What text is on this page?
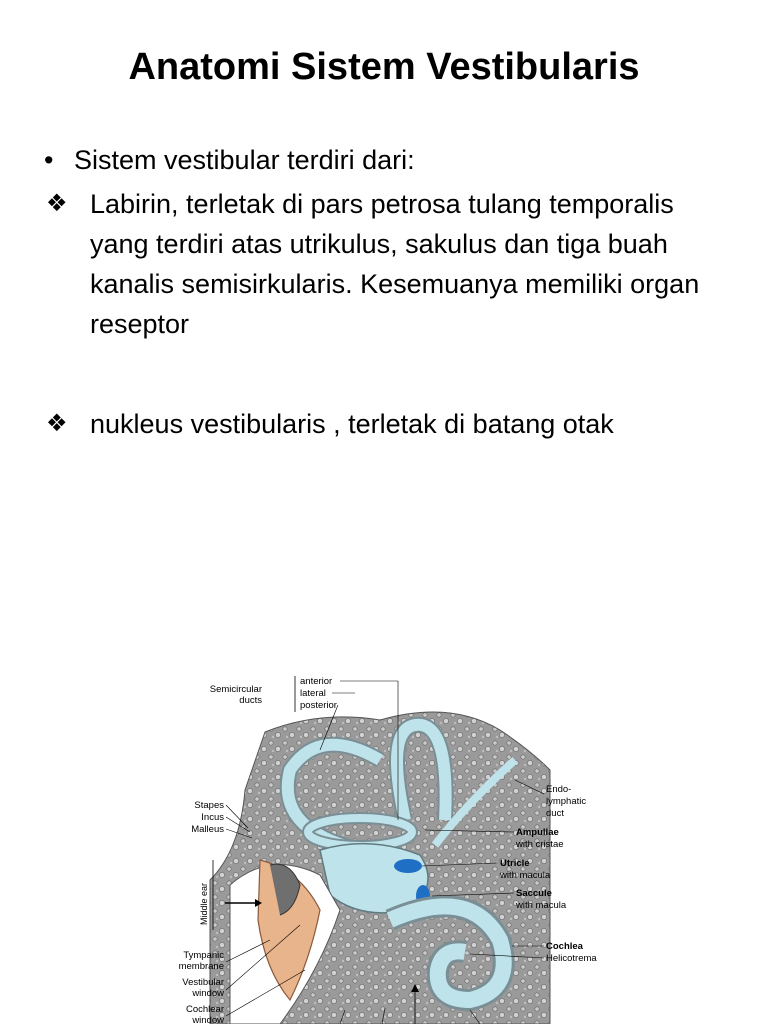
Anatomi Sistem Vestibularis

• Sistem vestibular terdiri dari:

❖ Labirin, terletak di pars petrosa tulang temporalis yang terdiri atas utrikulus, sakulus dan tiga buah kanalis semisirkularis. Kesemuanya memiliki organ reseptor

❖ nukleus vestibularis , terletak di batang otak

Semicircular
ducts
anterior
lateral
posterior
Stapes
Incus
Malleus
Middle ear
Tympanic
membrane
Vestibular
window
Cochlear
window
Endo-
lymphatic
duct
Ampullae
with cristae
Utricle
with macula
Saccule
with macula
Cochlea
Helicotrema
